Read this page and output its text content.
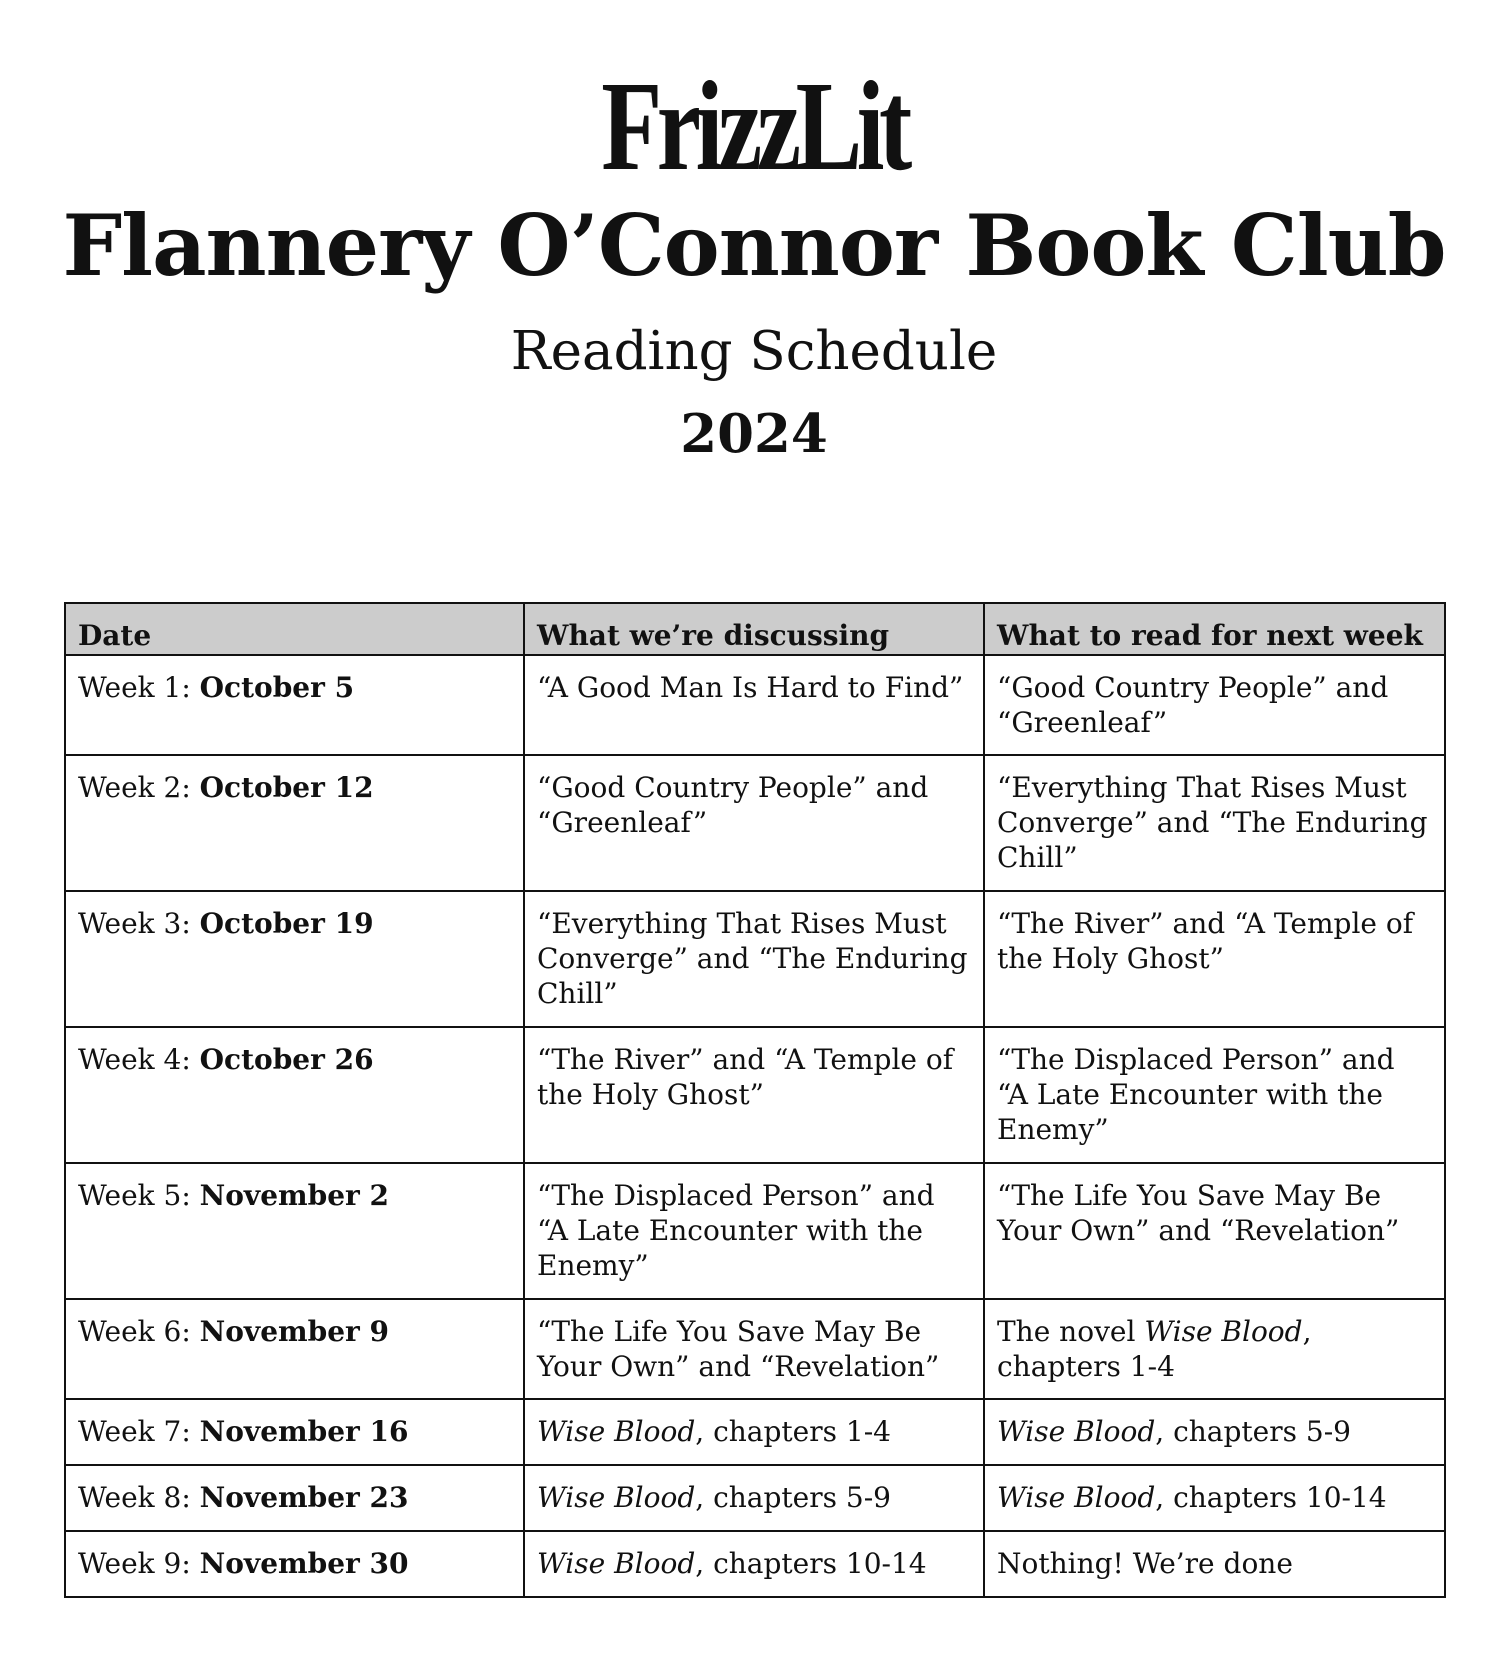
FrizzLit
Flannery O’Connor Book Club
Reading Schedule
2024
Date	What we’re discussing	What to read for next week
Week 1: October 5	“A Good Man Is Hard to Find”	“Good Country People” and “Greenleaf”
Week 2: October 12	“Good Country People” and “Greenleaf”	“Everything That Rises Must Converge” and “The Enduring Chill”
Week 3: October 19	“Everything That Rises Must Converge” and “The Enduring Chill”	“The River” and “A Temple of the Holy Ghost”
Week 4: October 26	“The River” and “A Temple of the Holy Ghost”	“The Displaced Person” and “A Late Encounter with the Enemy”
Week 5: November 2	“The Displaced Person” and “A Late Encounter with the Enemy”	“The Life You Save May Be Your Own” and “Revelation”
Week 6: November 9	“The Life You Save May Be Your Own” and “Revelation”	The novel Wise Blood, chapters 1-4
Week 7: November 16	Wise Blood, chapters 1-4	Wise Blood, chapters 5-9
Week 8: November 23	Wise Blood, chapters 5-9	Wise Blood, chapters 10-14
Week 9: November 30	Wise Blood, chapters 10-14	Nothing! We’re done
